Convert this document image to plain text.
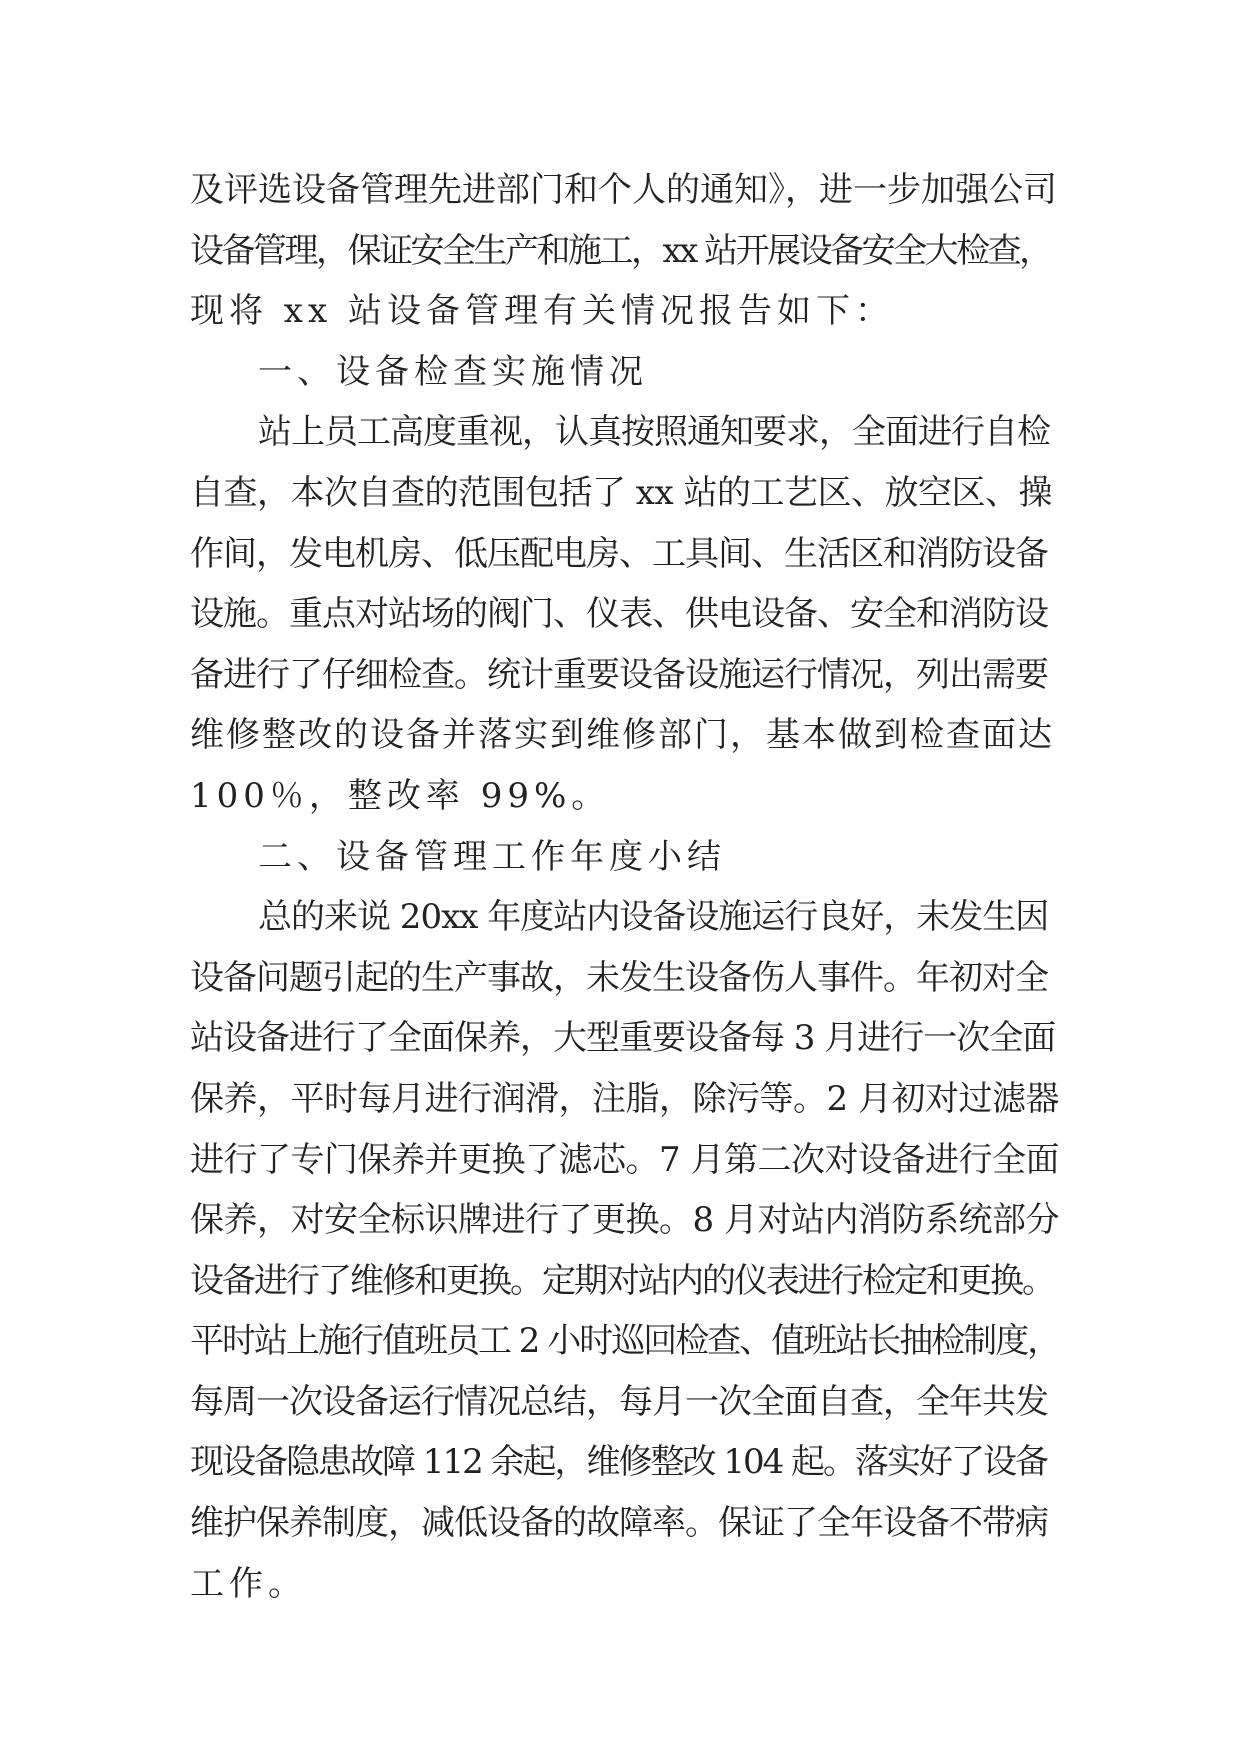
及评选设备管理先进部门和个人的通知》，进一步加强公司
设备管理，保证安全生产和施工，xx 站开展设备安全大检查，
现将 xx 站设备管理有关情况报告如下：
一、设备检查实施情况
站上员工高度重视，认真按照通知要求，全面进行自检
自查，本次自查的范围包括了 xx 站的工艺区、放空区、操
作间，发电机房、低压配电房、工具间、生活区和消防设备
设施。重点对站场的阀门、仪表、供电设备、安全和消防设
备进行了仔细检查。统计重要设备设施运行情况，列出需要
维修整改的设备并落实到维修部门，基本做到检查面达
100％，整改率 99%。
二、设备管理工作年度小结
总的来说 20xx 年度站内设备设施运行良好，未发生因
设备问题引起的生产事故，未发生设备伤人事件。年初对全
站设备进行了全面保养，大型重要设备每 3 月进行一次全面
保养，平时每月进行润滑，注脂，除污等。2 月初对过滤器
进行了专门保养并更换了滤芯。7 月第二次对设备进行全面
保养，对安全标识牌进行了更换。8 月对站内消防系统部分
设备进行了维修和更换。定期对站内的仪表进行检定和更换。
平时站上施行值班员工 2 小时巡回检查、值班站长抽检制度，
每周一次设备运行情况总结，每月一次全面自查，全年共发
现设备隐患故障 112 余起，维修整改 104 起。落实好了设备
维护保养制度，减低设备的故障率。保证了全年设备不带病
工作。
